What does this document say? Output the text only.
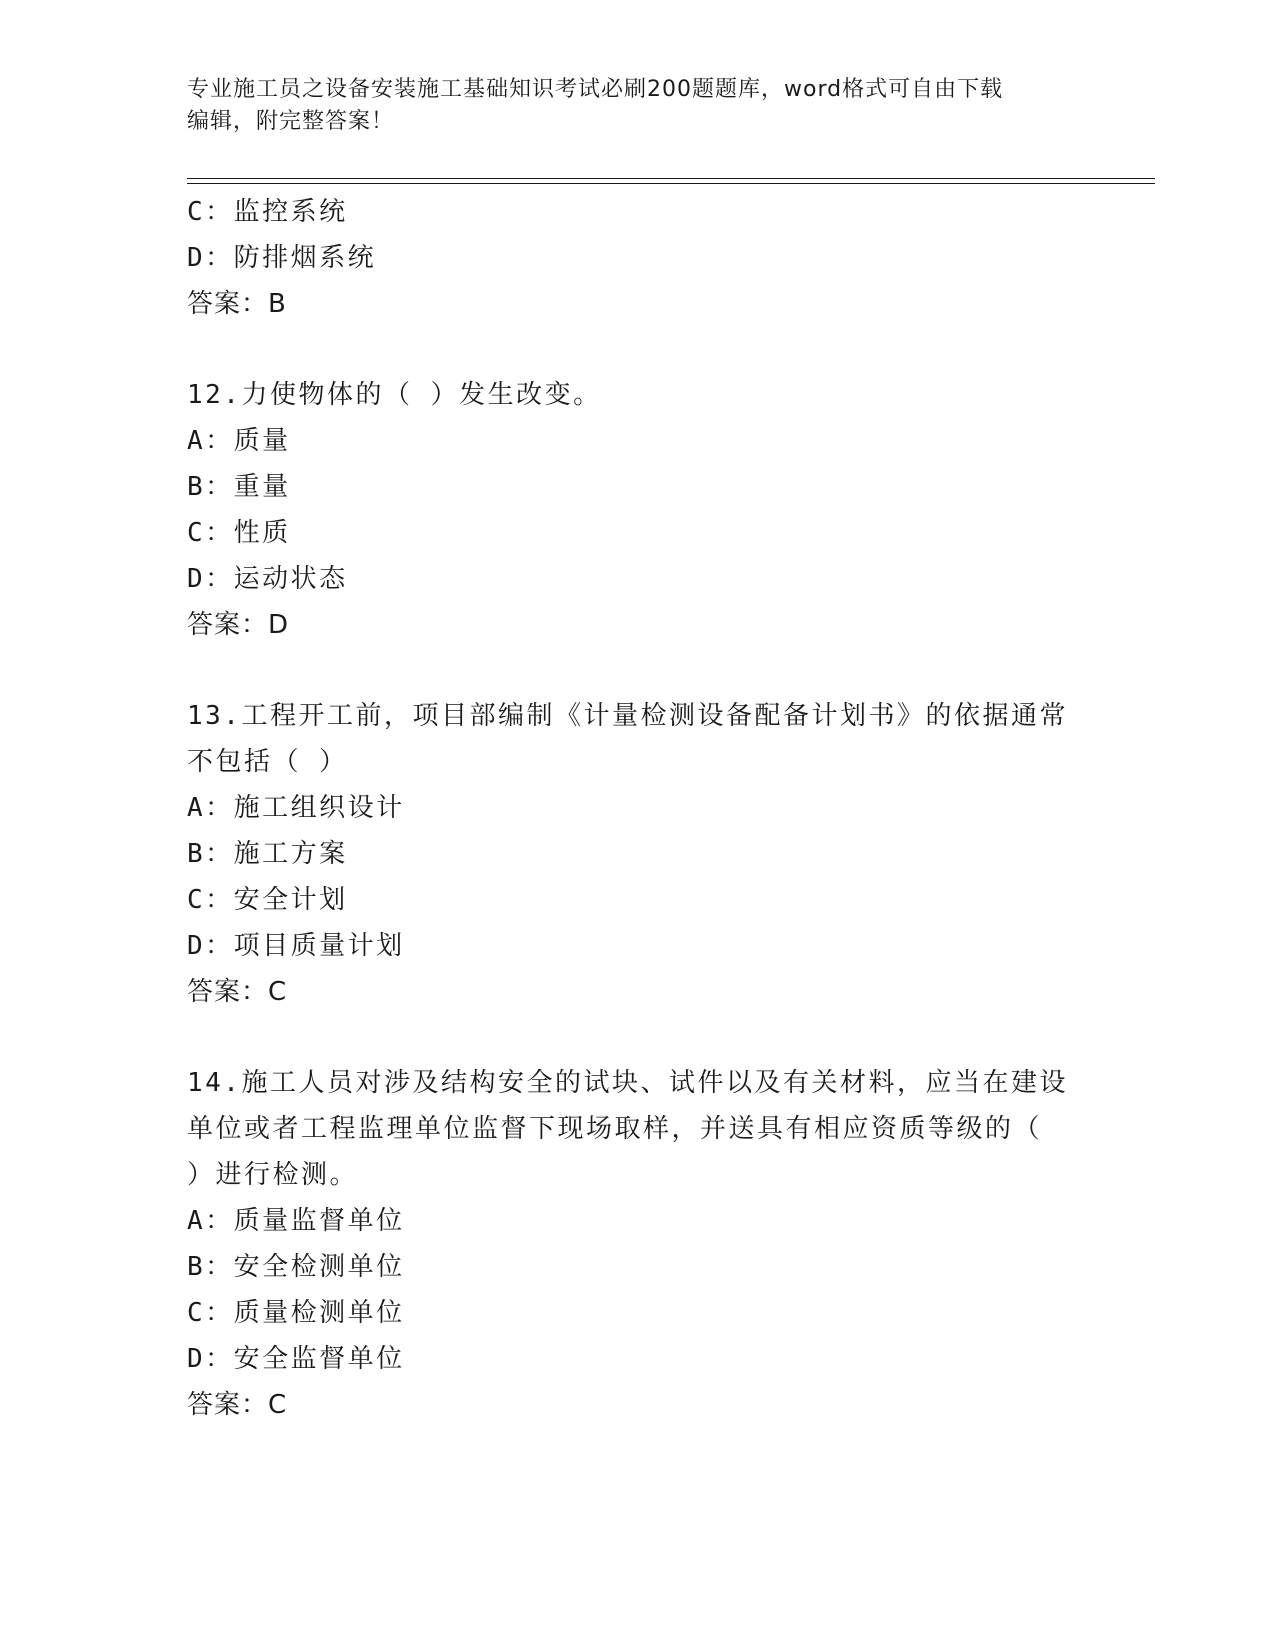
专业施工员之设备安装施工基础知识考试必刷200题题库，word格式可自由下载
编辑，附完整答案！
C：监控系统
D：防排烟系统
答案：B
12.力使物体的（ ）发生改变。
A：质量
B：重量
C：性质
D：运动状态
答案：D
13.工程开工前，项目部编制《计量检测设备配备计划书》的依据通常
不包括（ ）
A：施工组织设计
B：施工方案
C：安全计划
D：项目质量计划
答案：C
14.施工人员对涉及结构安全的试块、试件以及有关材料，应当在建设
单位或者工程监理单位监督下现场取样，并送具有相应资质等级的（
）进行检测。
A：质量监督单位
B：安全检测单位
C：质量检测单位
D：安全监督单位
答案：C
